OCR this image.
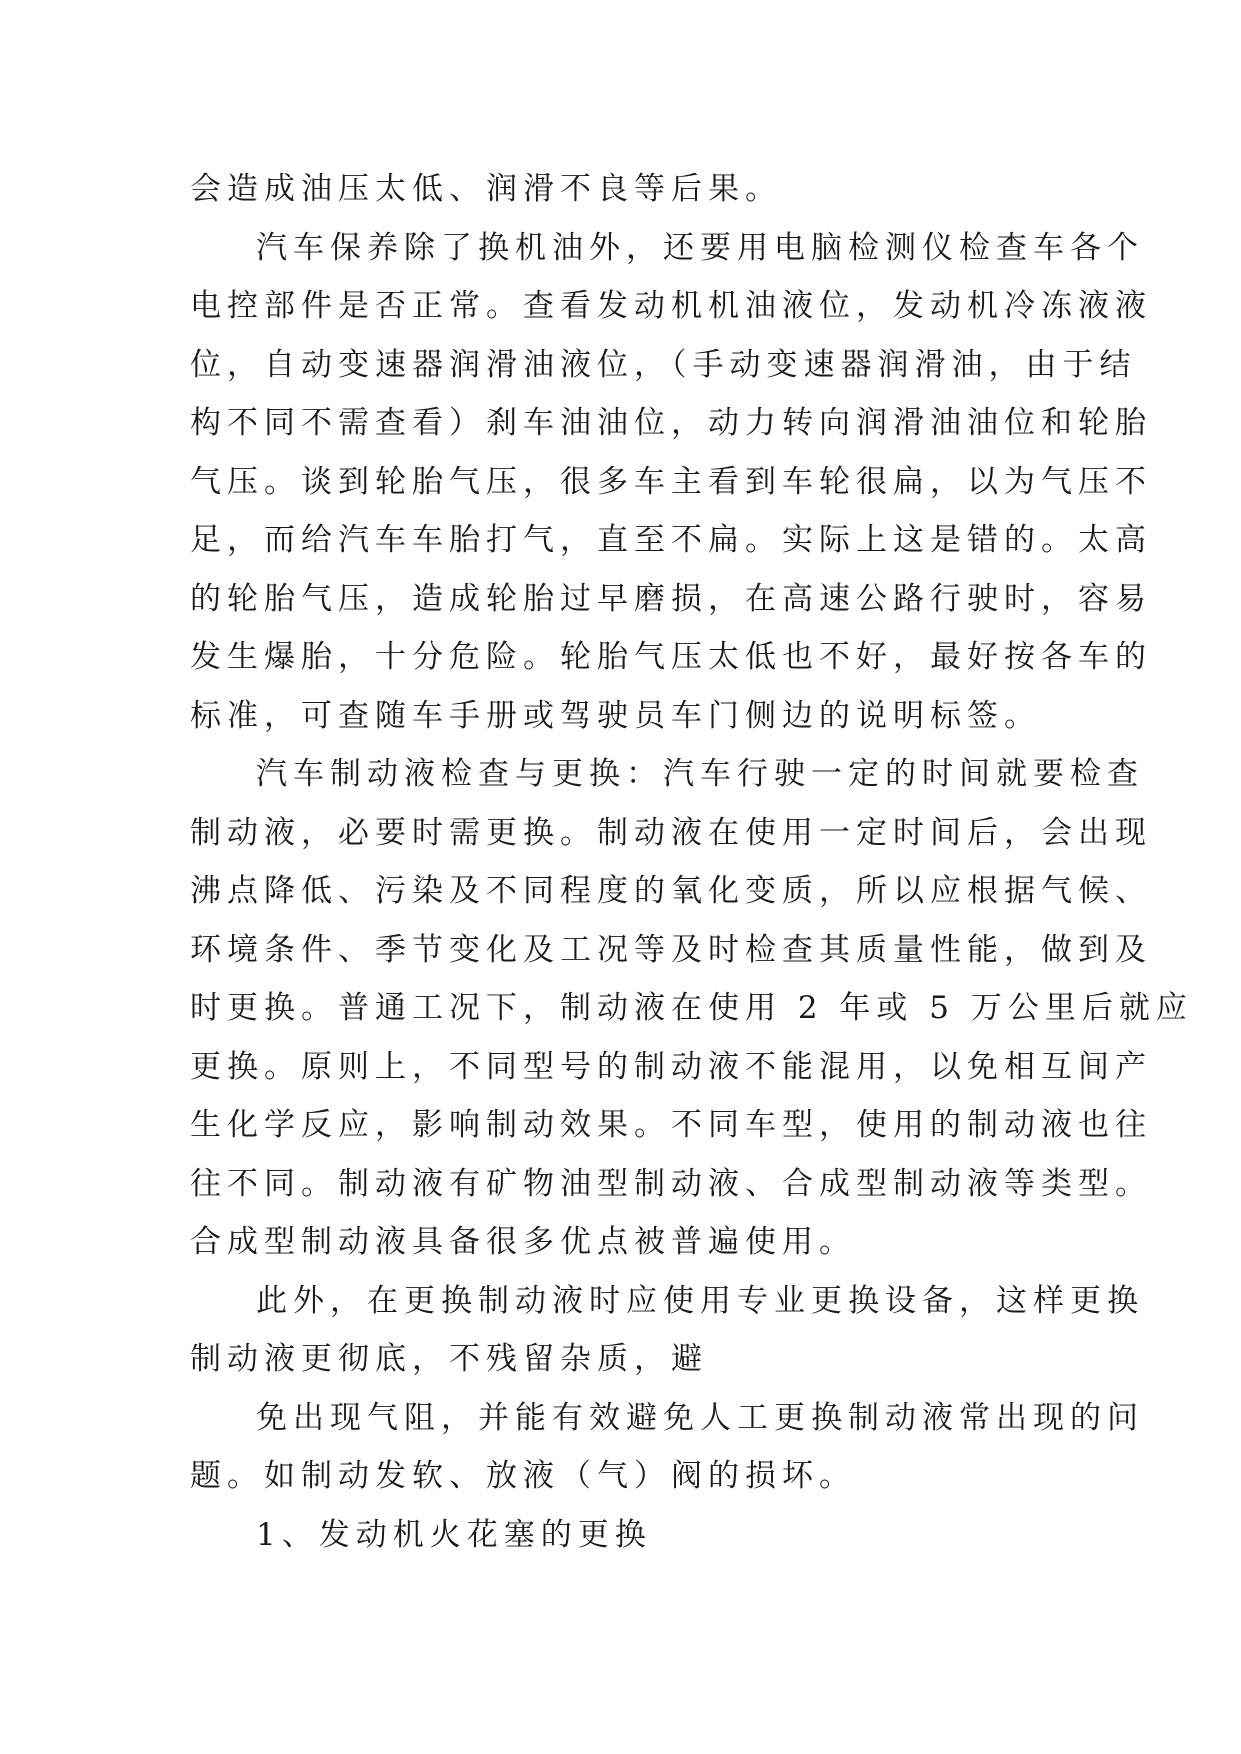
会造成油压太低、润滑不良等后果。
汽车保养除了换机油外，还要用电脑检测仪检查车各个
电控部件是否正常。查看发动机机油液位，发动机冷冻液液
位，自动变速器润滑油液位，（手动变速器润滑油，由于结
构不同不需查看）刹车油油位，动力转向润滑油油位和轮胎
气压。谈到轮胎气压，很多车主看到车轮很扁，以为气压不
足，而给汽车车胎打气，直至不扁。实际上这是错的。太高
的轮胎气压，造成轮胎过早磨损，在高速公路行驶时，容易
发生爆胎，十分危险。轮胎气压太低也不好，最好按各车的
标准，可查随车手册或驾驶员车门侧边的说明标签。
汽车制动液检查与更换：汽车行驶一定的时间就要检查
制动液，必要时需更换。制动液在使用一定时间后，会出现
沸点降低、污染及不同程度的氧化变质，所以应根据气候、
环境条件、季节变化及工况等及时检查其质量性能，做到及
时更换。普通工况下，制动液在使用 2 年或 5 万公里后就应
更换。原则上，不同型号的制动液不能混用，以免相互间产
生化学反应，影响制动效果。不同车型，使用的制动液也往
往不同。制动液有矿物油型制动液、合成型制动液等类型。
合成型制动液具备很多优点被普遍使用。
此外，在更换制动液时应使用专业更换设备，这样更换
制动液更彻底，不残留杂质，避
免出现气阻，并能有效避免人工更换制动液常出现的问
题。如制动发软、放液（气）阀的损坏。
1、发动机火花塞的更换
